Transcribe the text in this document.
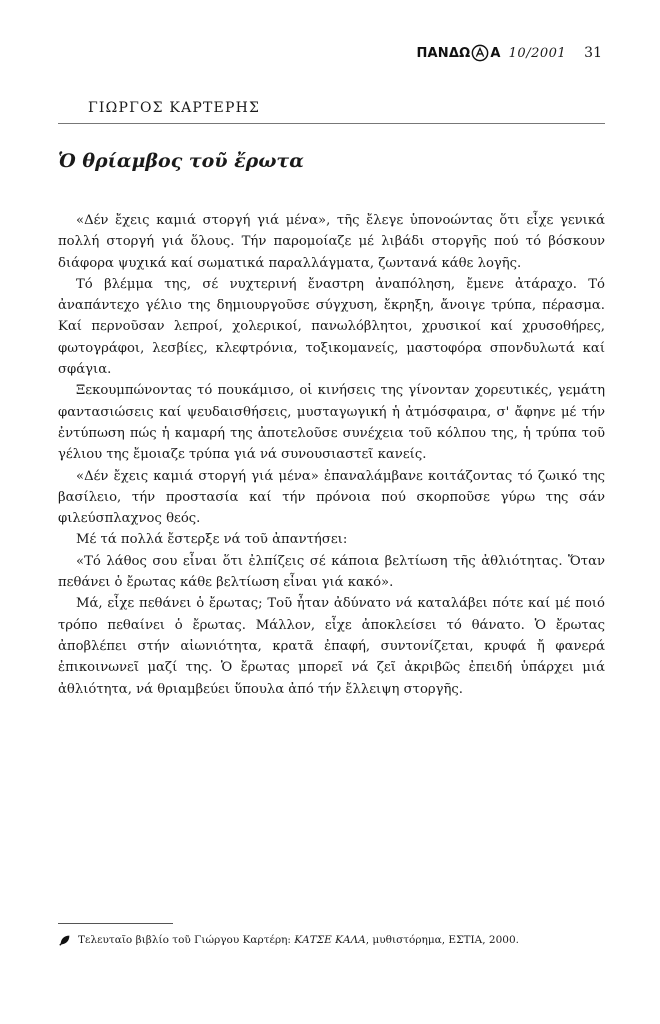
ΠΑΝΔΩ Α 10/2001 31
ΓΙΩΡΓΟΣ ΚΑΡΤΕΡΗΣ
Ὁ θρίαμβος τοῦ ἔρωτα

«Δέν ἔχεις καμιά στοργή γιά μένα», τῆς ἔλεγε ὑπονοώντας ὅτι εἶχε γενικά πολλή στοργή γιά ὅλους. Τήν παρομοίαζε μέ λιβάδι στοργῆς πού τό βόσκουν διάφορα ψυχικά καί σωματικά παραλλάγματα, ζωντανά κάθε λογῆς.

Τό βλέμμα της, σέ νυχτερινή ἔναστρη ἀναπόληση, ἔμενε ἀτάραχο. Τό ἀναπάντεχο γέλιο της δημιουργοῦσε σύγχυση, ἔκρηξη, ἄνοιγε τρύπα, πέρασμα. Καί περνοῦσαν λεπροί, χολερικοί, πανωλόβλητοι, χρυσικοί καί χρυσοθήρες, φωτογράφοι, λεσβίες, κλεφτρόνια, τοξικομανείς, μαστοφόρα σπονδυλωτά καί σφάγια.

Ξεκουμπώνοντας τό πουκάμισο, οἱ κινήσεις της γίνονταν χορευτικές, γεμάτη φαντασιώσεις καί ψευδαισθήσεις, μυσταγωγική ἡ ἀτμόσφαιρα, σ' ἄφηνε μέ τήν ἐντύπωση πώς ἡ καμαρή της ἀποτελοῦσε συνέχεια τοῦ κόλπου της, ἡ τρύπα τοῦ γέλιου της ἔμοιαζε τρύπα γιά νά συνουσιαστεῖ κανείς.

«Δέν ἔχεις καμιά στοργή γιά μένα» ἐπαναλάμβανε κοιτάζοντας τό ζωικό της βασίλειο, τήν προστασία καί τήν πρόνοια πού σκορποῦσε γύρω της σάν φιλεύσπλαχνος θεός.

Μέ τά πολλά ἔστερξε νά τοῦ ἀπαντήσει:

«Τό λάθος σου εἶναι ὅτι ἐλπίζεις σέ κάποια βελτίωση τῆς ἀθλιότητας. Ὅταν πεθάνει ὁ ἔρωτας κάθε βελτίωση εἶναι γιά κακό».

Μά, εἶχε πεθάνει ὁ ἔρωτας; Τοῦ ἦταν ἀδύνατο νά καταλάβει πότε καί μέ ποιό τρόπο πεθαίνει ὁ ἔρωτας. Μάλλον, εἶχε ἀποκλείσει τό θάνατο. Ὁ ἔρωτας ἀποβλέπει στήν αἰωνιότητα, κρατᾶ ἐπαφή, συντονίζεται, κρυφά ἤ φανερά ἐπικοινωνεῖ μαζί της. Ὁ ἔρωτας μπορεῖ νά ζεῖ ἀκριβῶς ἐπειδή ὑπάρχει μιά ἀθλιότητα, νά θριαμβεύει ὕπουλα ἀπό τήν ἔλλειψη στοργῆς.

Τελευταῖο βιβλίο τοῦ Γιώργου Καρτέρη: ΚΑΤΣΕ ΚΑΛΑ, μυθιστόρημα, ΕΣΤΙΑ, 2000.
